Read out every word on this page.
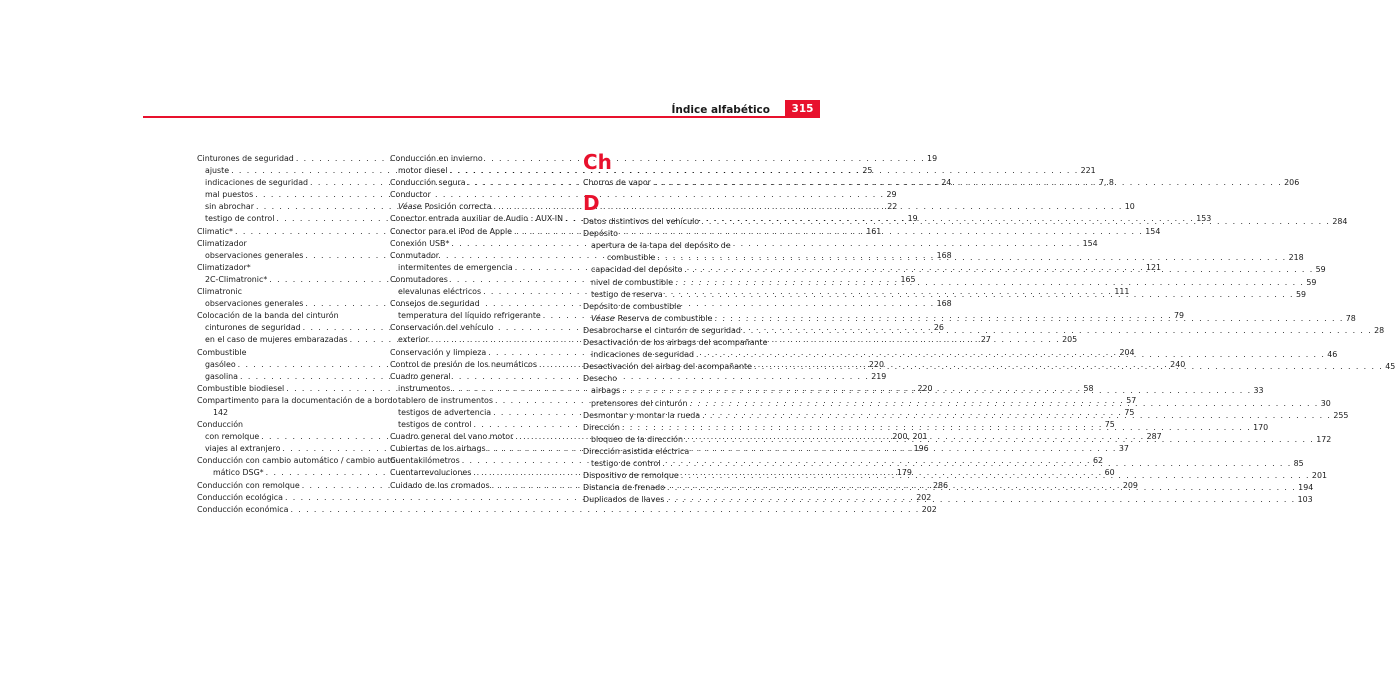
Índice alfabético	315
Cinturones de seguridad . . .	19
ajuste . . .	25
indicaciones de seguridad . . .	24
mal puestos . . .	29
sin abrochar . . .	22
testigo de control . . .	19
Climatic* . . .	161
Climatizador
observaciones generales . . .	168
Climatizador*
2C-Climatronic* . . .	165
Climatronic
observaciones generales . . .	168
Colocación de la banda del cinturón
cinturones de seguridad . . .	26
en el caso de mujeres embarazadas . . .	27
Combustible
gasóleo . . .	220
gasolina . . .	219
Combustible biodiesel . . .	220
Compartimento para la documentación de a bordo
142
Conducción
con remolque . . .	200, 201
viajes al extranjero . . .	196
Conducción con cambio automático / cambio auto-
mático DSG* . . .	179
Conducción con remolque . . .	286
Conducción ecológica . . .	202
Conducción económica . . .	202
Conducción en invierno
motor diesel . . .	221
Conducción segura . . .	7, 8
Conductor
Véase Posición correcta . . .	10
Conector entrada auxiliar de Audio : AUX-IN . . .	153
Conector para el iPod de Apple . . .	154
Conexión USB* . . .	154
Conmutador
intermitentes de emergencia . . .	121
Conmutadores
elevalunas eléctricos . . .	111
Consejos de seguridad
temperatura del líquido refrigerante . . .	79
Conservación del vehículo
exterior . . .	205
Conservación y limpieza . . .	204
Control de presión de los neumáticos . . .	240
Cuadro general
instrumentos . . .	58
tablero de instrumentos . . .	57
testigos de advertencia . . .	75
testigos de control . . .	75
Cuadro general del vano motor . . .	287
Cubiertas de los airbags . . .	37
Cuentakilómetros . . .	62
Cuentarrevoluciones . . .	60
Cuidado de los cromados . . .	209
Ch
Chorros de vapor . . .	206
D
Datos distintivos del vehículo . . .	284
Depósito
apertura de la tapa del depósito de
combustible . . .	218
capacidad del depósito . . .	59
nivel de combustible . . .	59
testigo de reserva . . .	59
Depósito de combustible
Véase Reserva de combustible . . .	78
Desabrocharse el cinturón de seguridad . . .	28
Desactivación de los airbags del acompañante
indicaciones de seguridad . . .	46
Desactivación del airbag del acompañante . . .	45
Desecho
airbags . . .	33
pretensores del cinturón . . .	30
Desmontar y montar la rueda . . .	255
Dirección . . .	170
bloqueo de la dirección . . .	172
Dirección asistida eléctrica
testigo de control . . .	85
Dispositivo de remolque . . .	201
Distancia de frenado . . .	194
Duplicados de llaves . . .	103
